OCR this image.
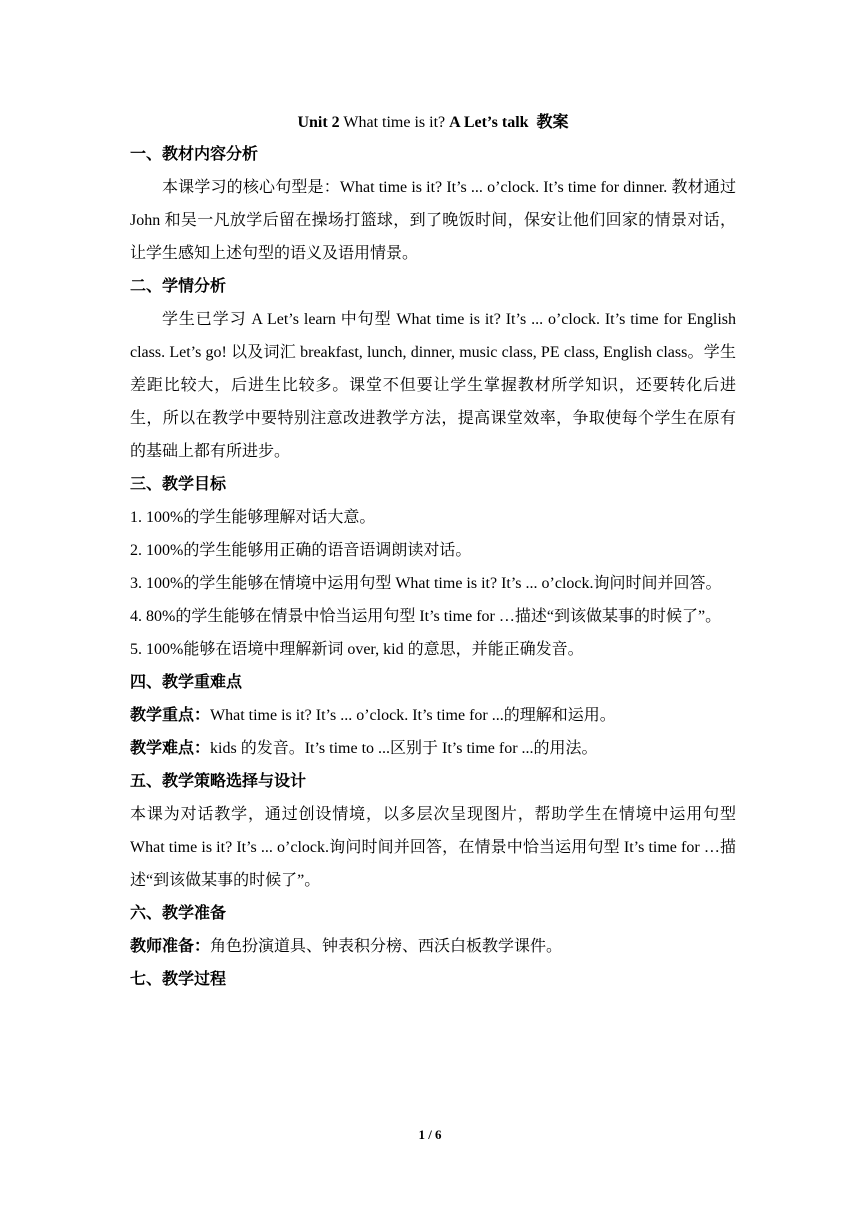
Unit 2 What time is it? A Let’s talk 教案
一、教材内容分析

本课学习的核心句型是：What time is it? It’s ... o’clock. It’s time for dinner. 教材通过 John 和吴一凡放学后留在操场打篮球，到了晚饭时间，保安让他们回家的情景对话，让学生感知上述句型的语义及语用情景。

二、学情分析

学生已学习 A Let’s learn 中句型 What time is it? It’s ... o’clock. It’s time for English class. Let’s go! 以及词汇 breakfast, lunch, dinner, music class, PE class, English class。学生差距比较大，后进生比较多。课堂不但要让学生掌握教材所学知识，还要转化后进生，所以在教学中要特别注意改进教学方法，提高课堂效率，争取使每个学生在原有的基础上都有所进步。

三、教学目标

1. 100%的学生能够理解对话大意。

2. 100%的学生能够用正确的语音语调朗读对话。

3. 100%的学生能够在情境中运用句型 What time is it? It’s ... o’clock.询问时间并回答。

4. 80%的学生能够在情景中恰当运用句型 It’s time for …描述“到该做某事的时候了”。

5. 100%能够在语境中理解新词 over, kid 的意思，并能正确发音。

四、教学重难点

教学重点：What time is it? It’s ... o’clock. It’s time for ...的理解和运用。

教学难点：kids 的发音。It’s time to ...区别于 It’s time for ...的用法。

五、教学策略选择与设计

本课为对话教学，通过创设情境，以多层次呈现图片，帮助学生在情境中运用句型 What time is it? It’s ... o’clock.询问时间并回答，在情景中恰当运用句型 It’s time for …描述“到该做某事的时候了”。

六、教学准备

教师准备：角色扮演道具、钟表积分榜、西沃白板教学课件。

七、教学过程
1 / 6
